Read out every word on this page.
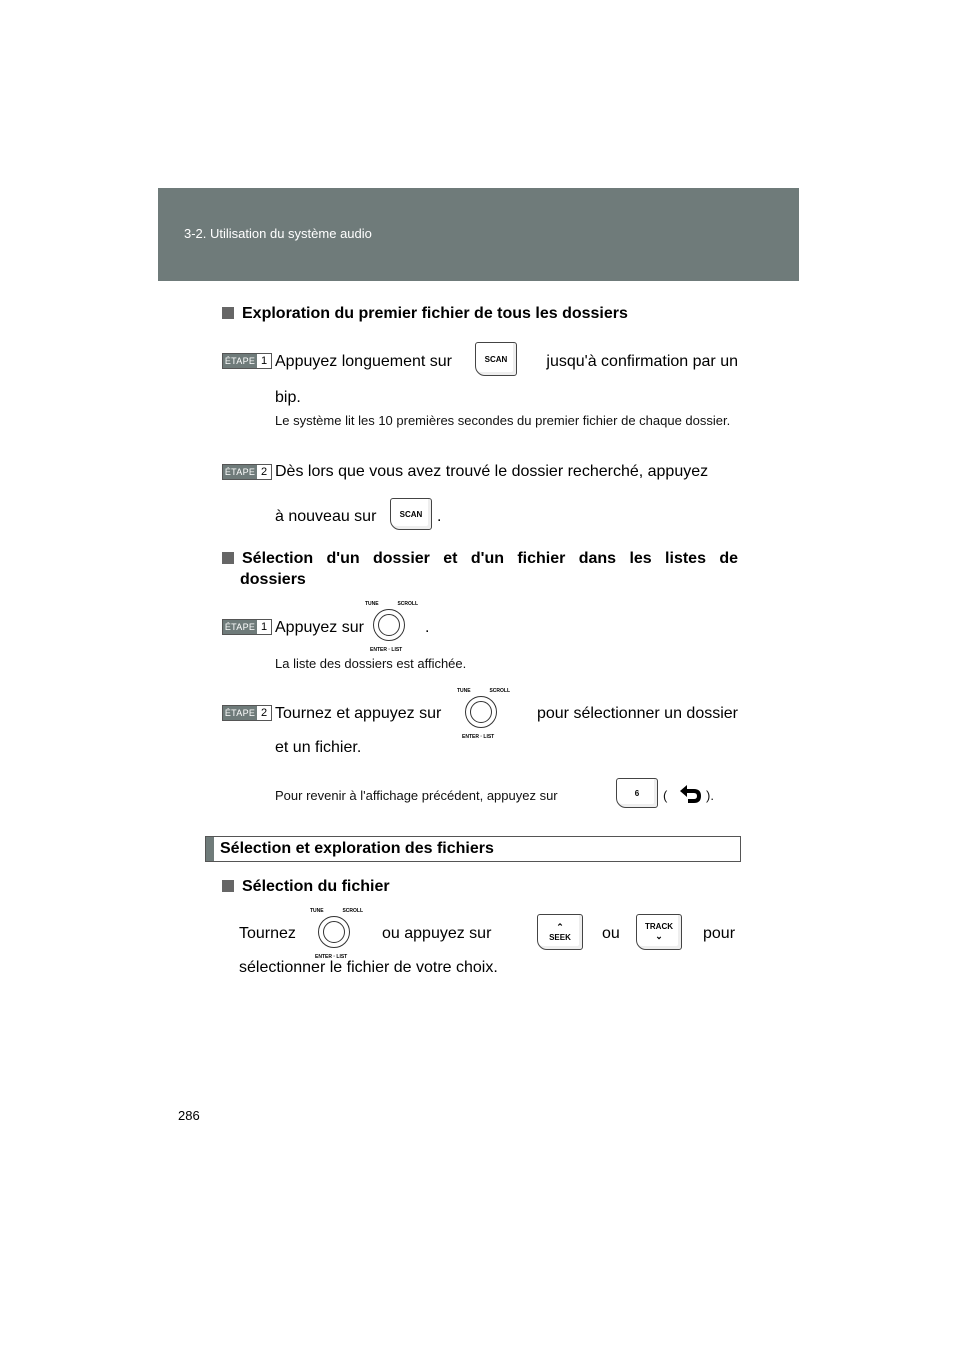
3-2. Utilisation du système audio
Exploration du premier fichier de tous les dossiers
ÉTAPE 1 Appuyez longuement sur	SCAN	jusqu'à confirmation par un
bip.
Le système lit les 10 premières secondes du premier fichier de chaque dossier.
ÉTAPE 2 Dès lors que vous avez trouvé le dossier recherché, appuyez
à nouveau sur	SCAN .
Sélection d'un dossier et d'un fichier dans les listes de
dossiers
ÉTAPE 1 Appuyez sur
TUNE	SCROLL
ENTER · LIST
.
La liste des dossiers est affichée.
ÉTAPE 2 Tournez et appuyez sur
TUNE	SCROLL
ENTER · LIST
pour sélectionner un dossier
et un fichier.
Pour revenir à l'affichage précédent, appuyez sur	6 (	).
Sélection et exploration des fichiers
Sélection du fichier
Tournez
TUNE	SCROLL
ENTER · LIST
ou appuyez sur	⌃
SEEK ou	TRACK
⌄	pour
sélectionner le fichier de votre choix.
286
